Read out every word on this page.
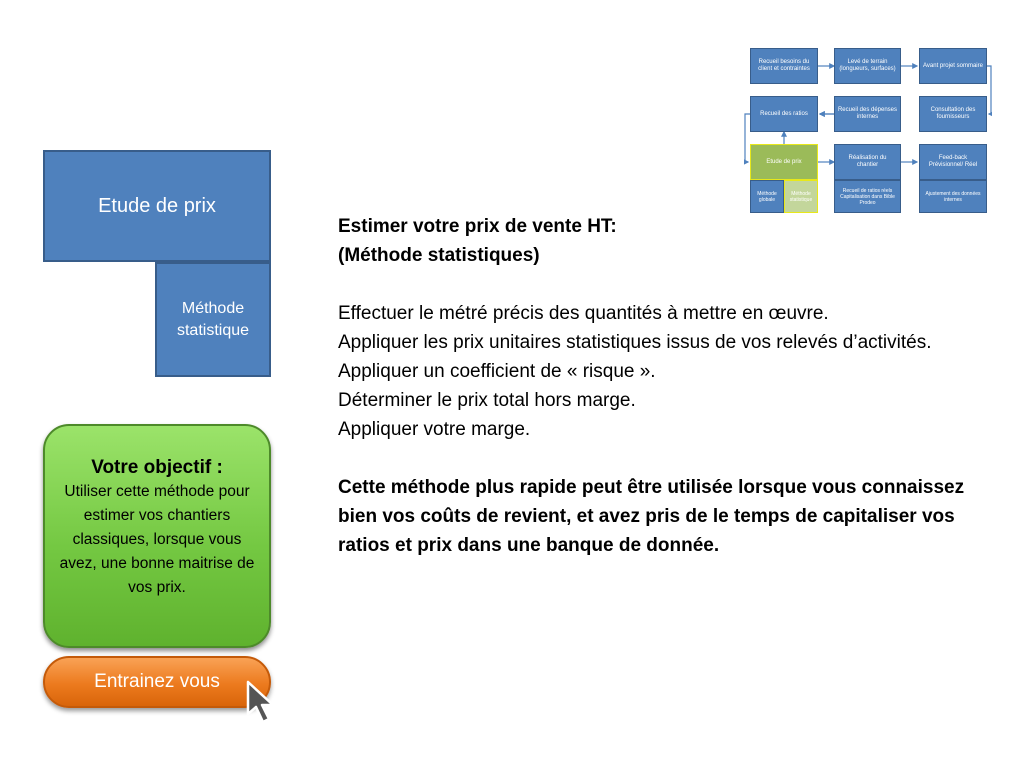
Etude de prix
Méthode statistique
Votre objectif :
Utiliser cette méthode pour estimer vos chantiers classiques, lorsque vous avez, une bonne maitrise de vos prix.
Entrainez vous

Estimer votre prix de vente HT:

(Méthode statistiques)

Effectuer le métré précis des quantités à mettre en œuvre.

Appliquer les prix unitaires statistiques issus de vos relevés d’activités.

Appliquer un coefficient de « risque ».

Déterminer le prix total hors marge.

Appliquer votre marge.

Cette méthode plus rapide peut être utilisée lorsque vous connaissez bien vos coûts de revient, et avez pris de le temps de capitaliser vos ratios et prix dans une banque de donnée.

Recueil besoins du client et contraintes
Levé de terrain (longueurs, surfaces)
Avant projet sommaire
Recueil des ratios
Recueil des dépenses internes
Consultation des fournisseurs
Etude de prix
Réalisation du chantier
Feed-back Prévisionnel/ Réel
Méthode globale
Méthode statistique
Recueil de ratios réels Capitalisation dans Bible Prodeo
Ajustement des données internes
